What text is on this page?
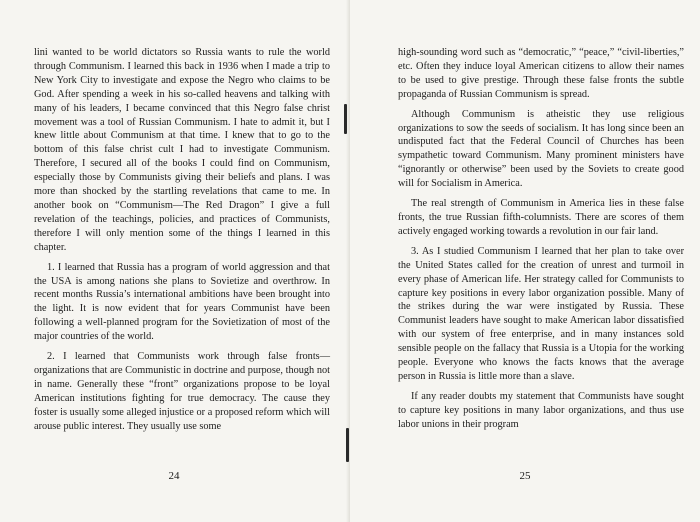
lini wanted to be world dictators so Russia wants to rule the world through Communism. I learned this back in 1936 when I made a trip to New York City to investigate and expose the Negro who claims to be God. After spending a week in his so-called heavens and talking with many of his leaders, I became convinced that this Negro false christ movement was a tool of Russian Communism. I hate to admit it, but I knew little about Communism at that time. I knew that to go to the bottom of this false christ cult I had to investigate Communism. Therefore, I secured all of the books I could find on Communism, especially those by Communists giving their beliefs and plans. I was more than shocked by the startling revelations that came to me. In another book on “Communism—The Red Dragon” I give a full revelation of the teachings, policies, and practices of Communists, therefore I will only mention some of the things I learned in this chapter.

1. I learned that Russia has a program of world aggression and that the USA is among nations she plans to Sovietize and overthrow. In recent months Russia’s international ambitions have been brought into the light. It is now evident that for years Communist have been following a well-planned program for the Sovietization of most of the major countries of the world.

2. I learned that Communists work through false fronts—organizations that are Communistic in doctrine and purpose, though not in name. Generally these “front” organizations propose to be loyal American institutions fighting for true democracy. The cause they foster is usually some alleged injustice or a proposed reform which will arouse public interest. They usually use some

24

high-sounding word such as “democratic,” “peace,” “civil-liberties,” etc. Often they induce loyal American citizens to allow their names to be used to give prestige. Through these false fronts the subtle propaganda of Russian Communism is spread.

Although Communism is atheistic they use religious organizations to sow the seeds of socialism. It has long since been an undisputed fact that the Federal Council of Churches has been sympathetic toward Communism. Many prominent ministers have “ignorantly or otherwise” been used by the Soviets to create good will for Socialism in America.

The real strength of Communism in America lies in these false fronts, the true Russian fifth-columnists. There are scores of them actively engaged working towards a revolution in our fair land.

3. As I studied Communism I learned that her plan to take over the United States called for the creation of unrest and turmoil in every phase of American life. Her strategy called for Communists to capture key positions in every labor organization possible. Many of the strikes during the war were instigated by Russia. These Communist leaders have sought to make American labor dissatisfied with our system of free enterprise, and in many instances sold sensible people on the fallacy that Russia is a Utopia for the working people. Everyone who knows the facts knows that the average person in Russia is little more than a slave.

If any reader doubts my statement that Communists have sought to capture key positions in many labor organizations, and thus use labor unions in their program

25
